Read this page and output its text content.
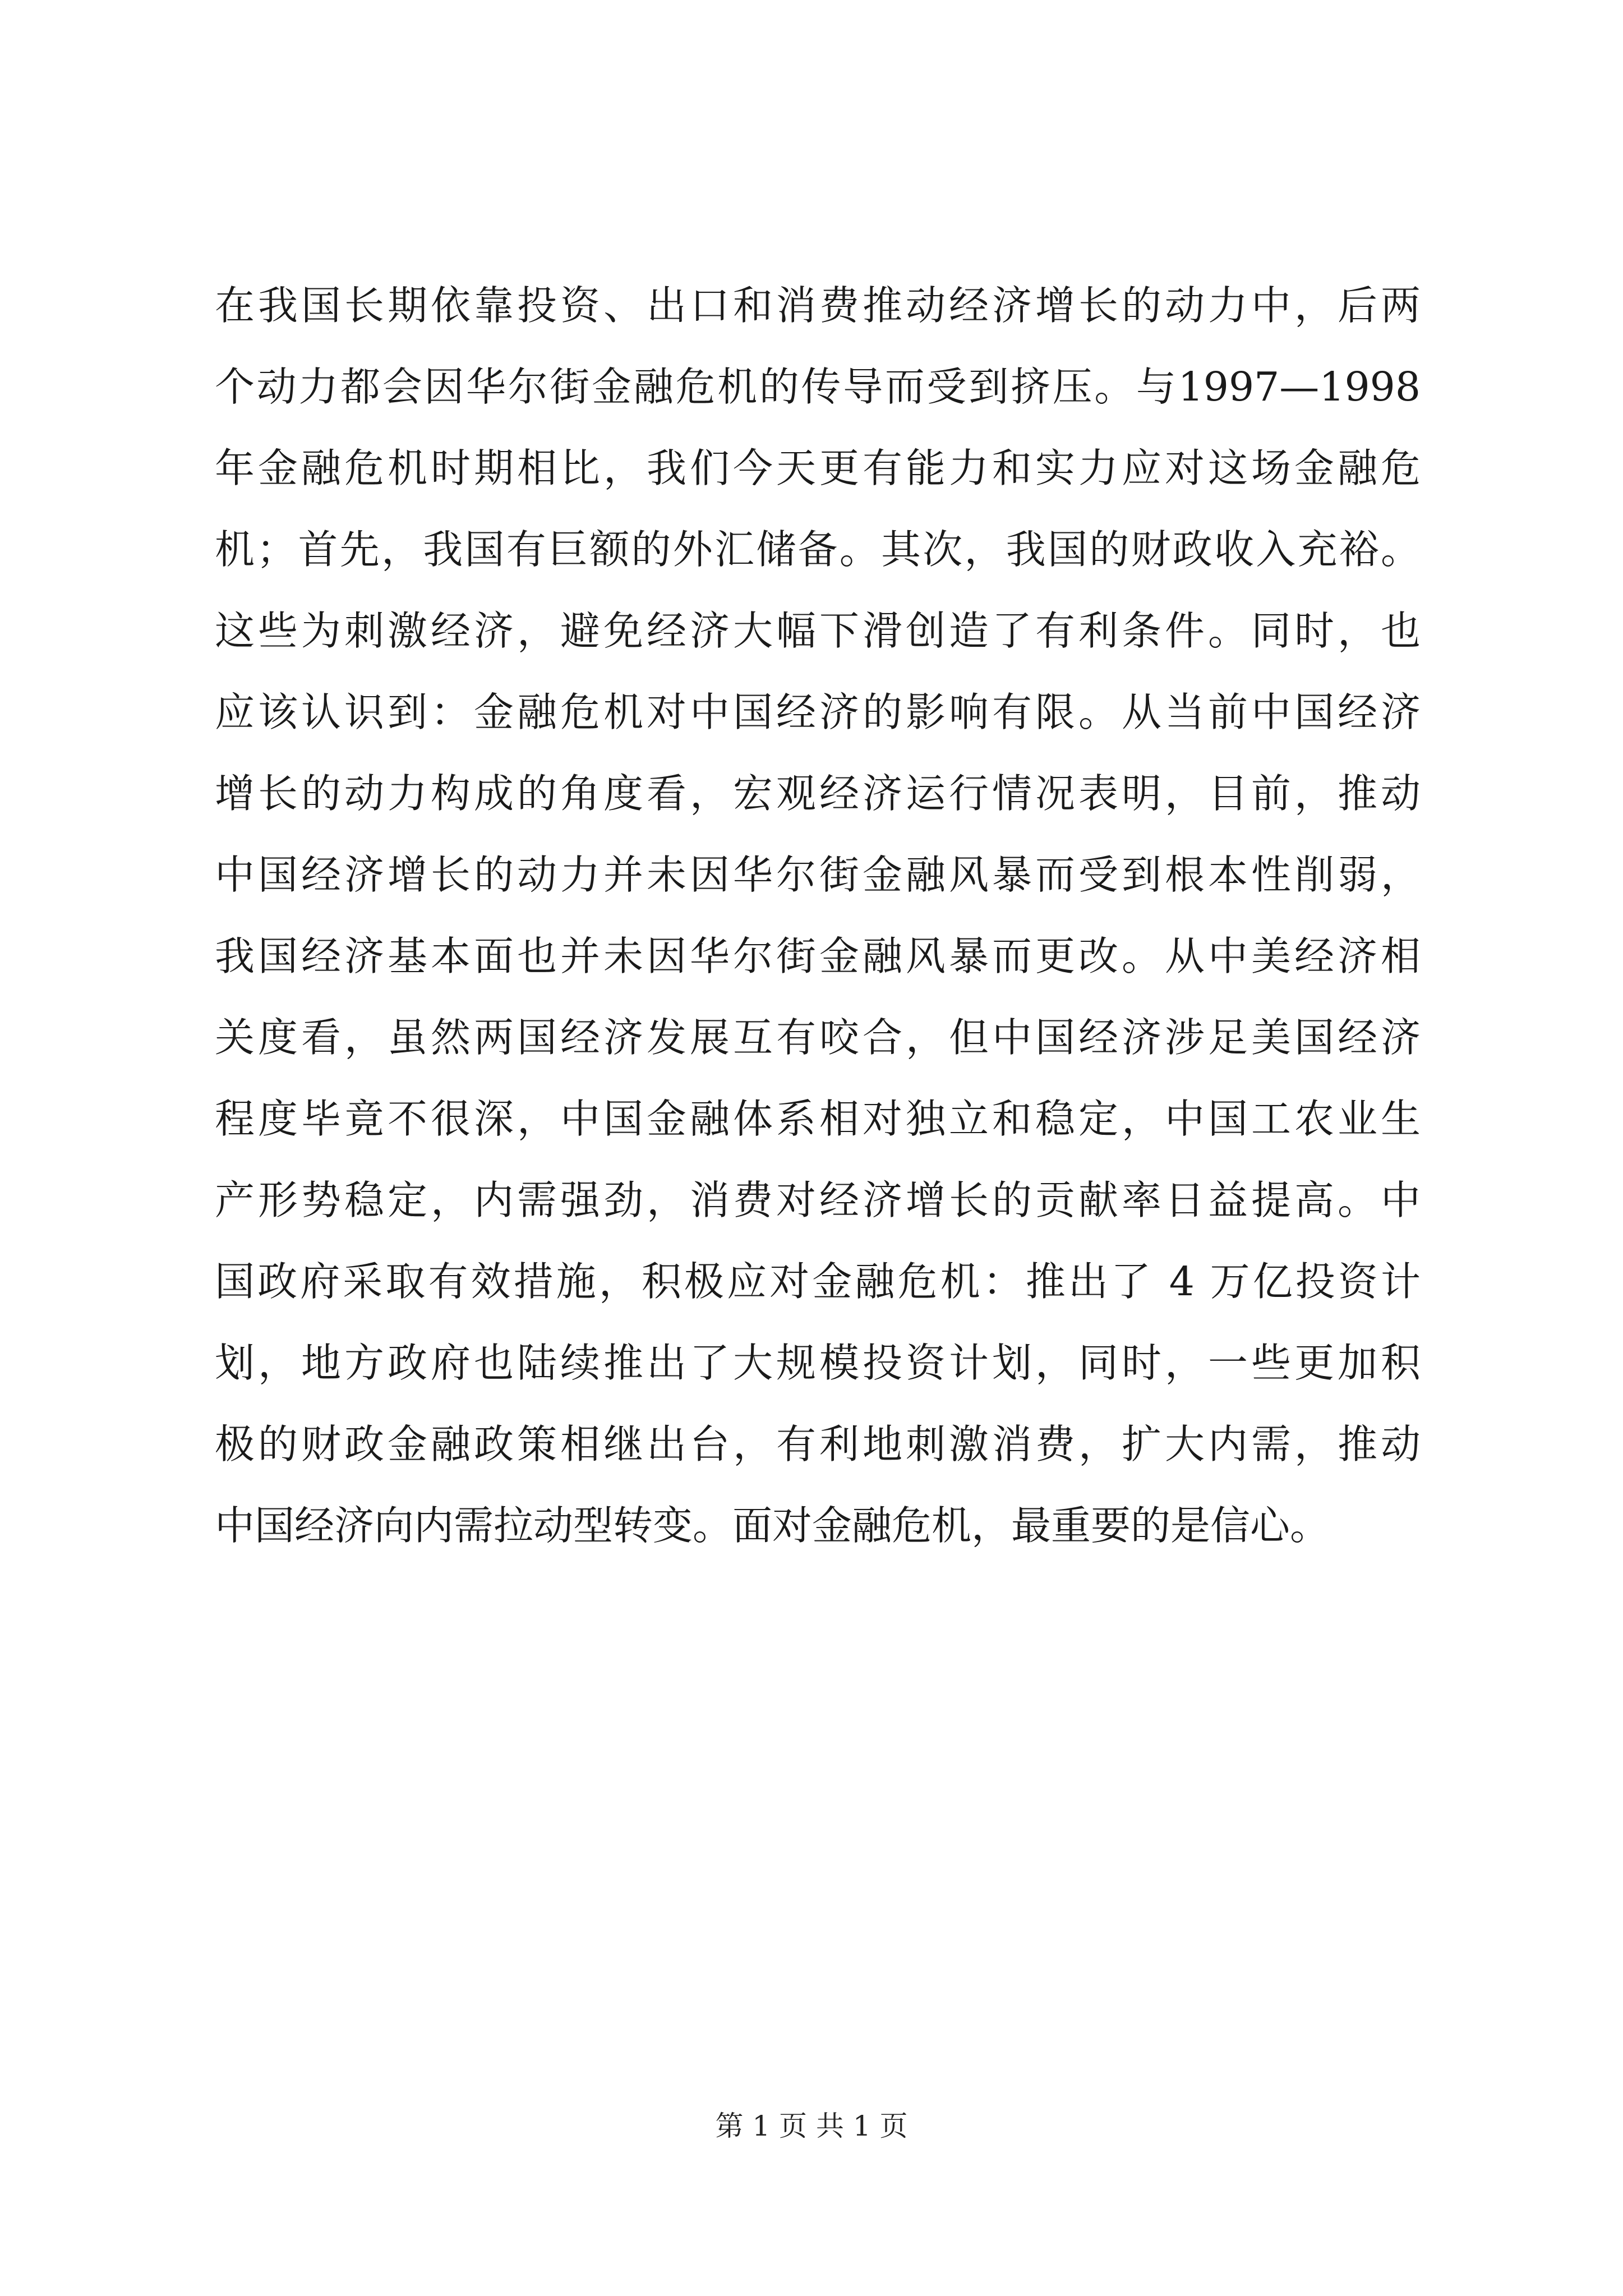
在我国长期依靠投资、出口和消费推动经济增长的动力中，后两
个动力都会因华尔街金融危机的传导而受到挤压。与1997—1998
年金融危机时期相比，我们今天更有能力和实力应对这场金融危
机；首先，我国有巨额的外汇储备。其次，我国的财政收入充裕。
这些为刺激经济，避免经济大幅下滑创造了有利条件。同时，也
应该认识到：金融危机对中国经济的影响有限。从当前中国经济
增长的动力构成的角度看，宏观经济运行情况表明，目前，推动
中国经济增长的动力并未因华尔街金融风暴而受到根本性削弱，
我国经济基本面也并未因华尔街金融风暴而更改。从中美经济相
关度看，虽然两国经济发展互有咬合，但中国经济涉足美国经济
程度毕竟不很深，中国金融体系相对独立和稳定，中国工农业生
产形势稳定，内需强劲，消费对经济增长的贡献率日益提高。中
国政府采取有效措施，积极应对金融危机：推出了 4 万亿投资计
划，地方政府也陆续推出了大规模投资计划，同时，一些更加积
极的财政金融政策相继出台，有利地刺激消费，扩大内需，推动
中国经济向内需拉动型转变。面对金融危机，最重要的是信心。
第 1 页 共 1 页
